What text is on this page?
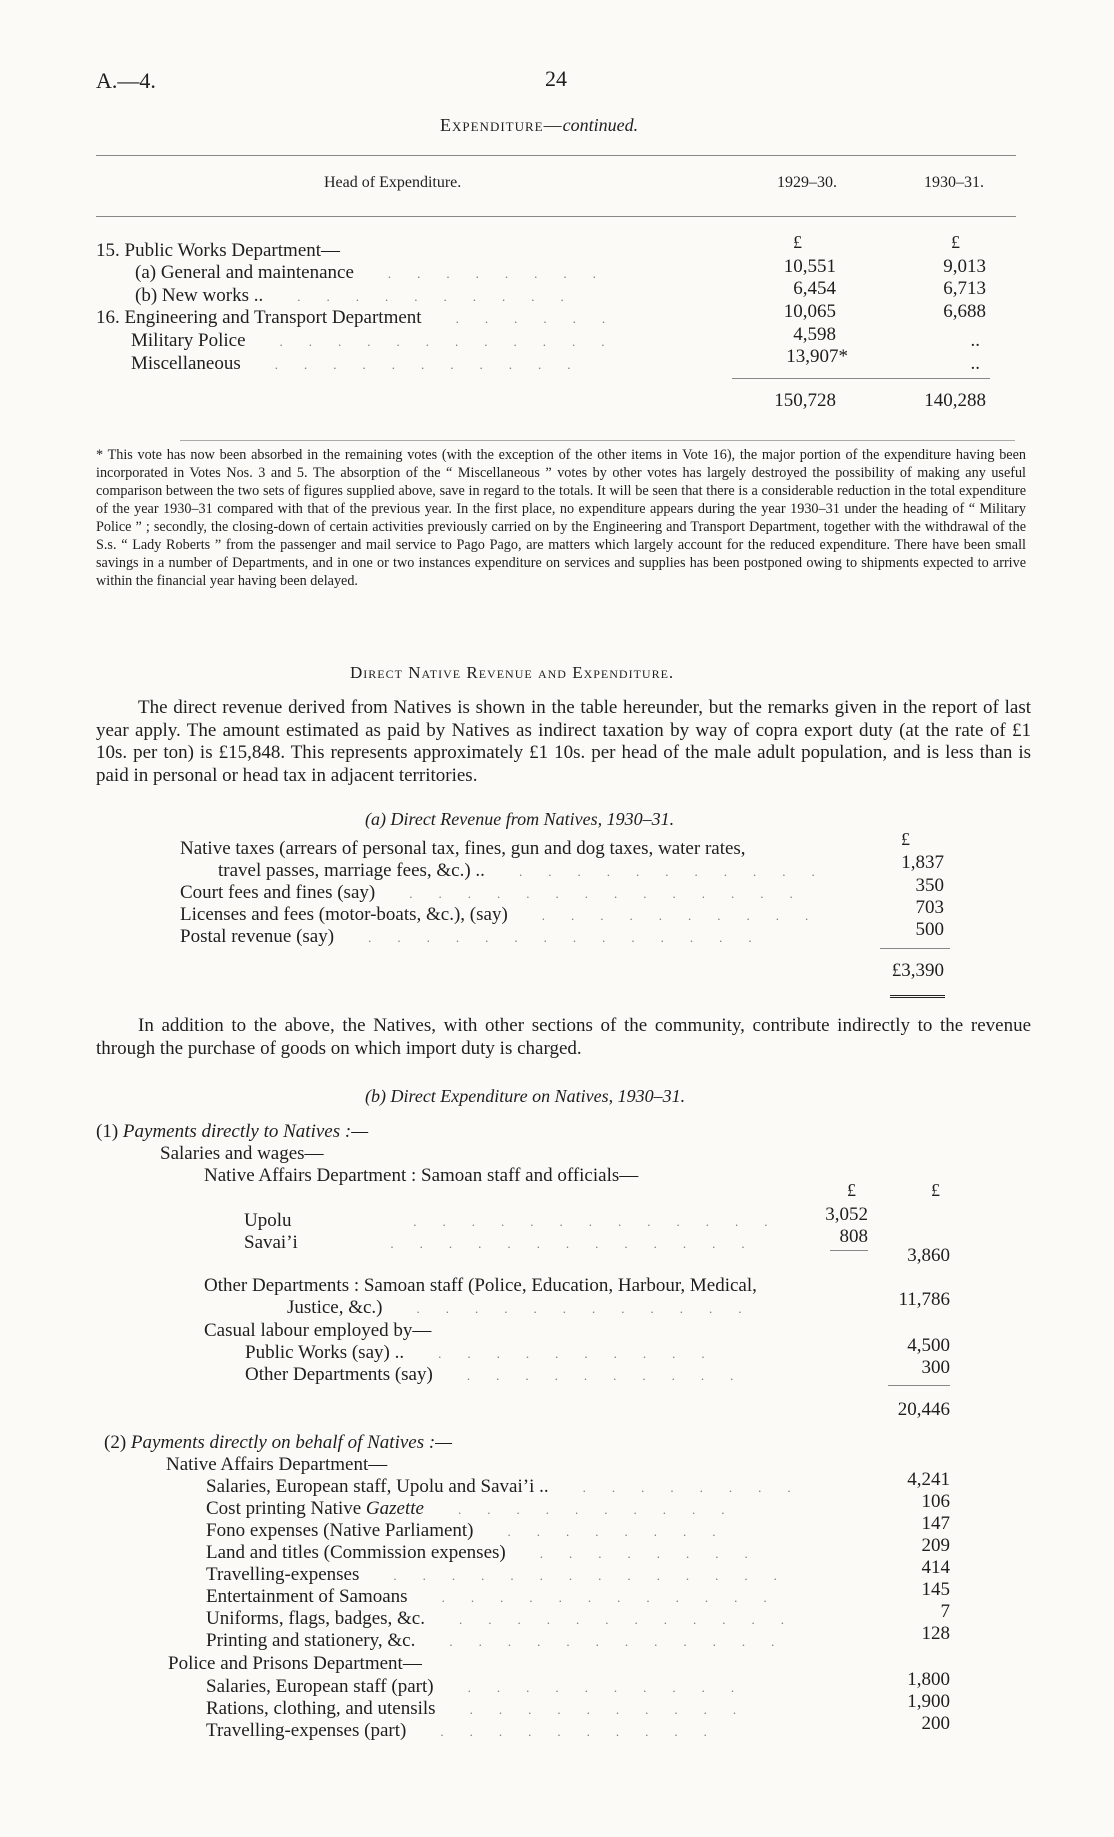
A.—4.	24
Expenditure—continued.
Head of Expenditure.	1929–30.	1930–31.
£	£
15. Public Works Department—
(a) General and maintenance  ........	10,551	9,013
(b) New works ..  ..........	6,454	6,713
16. Engineering and Transport Department  ......	10,065	6,688
Military Police  ............	4,598	..
Miscellaneous  ...........	13,907*	..
150,728	140,288
* This vote has now been absorbed in the remaining votes (with the exception of the other items in Vote 16), the major portion of the expenditure having been incorporated in Votes Nos. 3 and 5. The absorption of the “ Miscellaneous ” votes by other votes has largely destroyed the possibility of making any useful comparison between the two sets of figures supplied above, save in regard to the totals. It will be seen that there is a considerable reduction in the total expenditure of the year 1930–31 compared with that of the previous year. In the first place, no expenditure appears during the year 1930–31 under the heading of “ Military Police ” ; secondly, the closing-down of certain activities previously carried on by the Engineering and Transport Department, together with the withdrawal of the S.s. “ Lady Roberts ” from the passenger and mail service to Pago Pago, are matters which largely account for the reduced expenditure. There have been small savings in a number of Departments, and in one or two instances expenditure on services and supplies has been postponed owing to shipments expected to arrive within the financial year having been delayed.
Direct Native Revenue and Expenditure.
The direct revenue derived from Natives is shown in the table hereunder, but the remarks given in the report of last year apply. The amount estimated as paid by Natives as indirect taxation by way of copra export duty (at the rate of £1 10s. per ton) is £15,848. This represents approximately £1 10s. per head of the male adult population, and is less than is paid in personal or head tax in adjacent territories.
(a) Direct Revenue from Natives, 1930–31.
£
Native taxes (arrears of personal tax, fines, gun and dog taxes, water rates,
travel passes, marriage fees, &c.) ..  ...........	1,837
Court fees and fines (say)  ..............	350
Licenses and fees (motor-boats, &c.), (say)  ..........	703
Postal revenue (say)  ..............	500
£3,390
In addition to the above, the Natives, with other sections of the community, contribute indirectly to the revenue through the purchase of goods on which import duty is charged.
(b) Direct Expenditure on Natives, 1930–31.
(1) Payments directly to Natives :—
Salaries and wages—
Native Affairs Department : Samoan staff and officials—
£	£
Upolu     .............	3,052
Savai’i    .............	808
3,860
Other Departments : Samoan staff (Police, Education, Harbour, Medical,
Justice, &c.)  ............	11,786
Casual labour employed by—
Public Works (say) ..  ..........	4,500
Other Departments (say)  ..........	300
20,446
(2) Payments directly on behalf of Natives :—
Native Affairs Department—
Salaries, European staff, Upolu and Savai’i ..  ........	4,241
Cost printing Native Gazette  ..........	106
Fono expenses (Native Parliament)  ........	147
Land and titles (Commission expenses)  ........	209
Travelling-expenses  ..............	414
Entertainment of Samoans  ............	145
Uniforms, flags, badges, &c.  ............	7
Printing and stationery, &c.  ............	128
Police and Prisons Department—
Salaries, European staff (part)  ..........	1,800
Rations, clothing, and utensils  ..........	1,900
Travelling-expenses (part)  ..........	200
